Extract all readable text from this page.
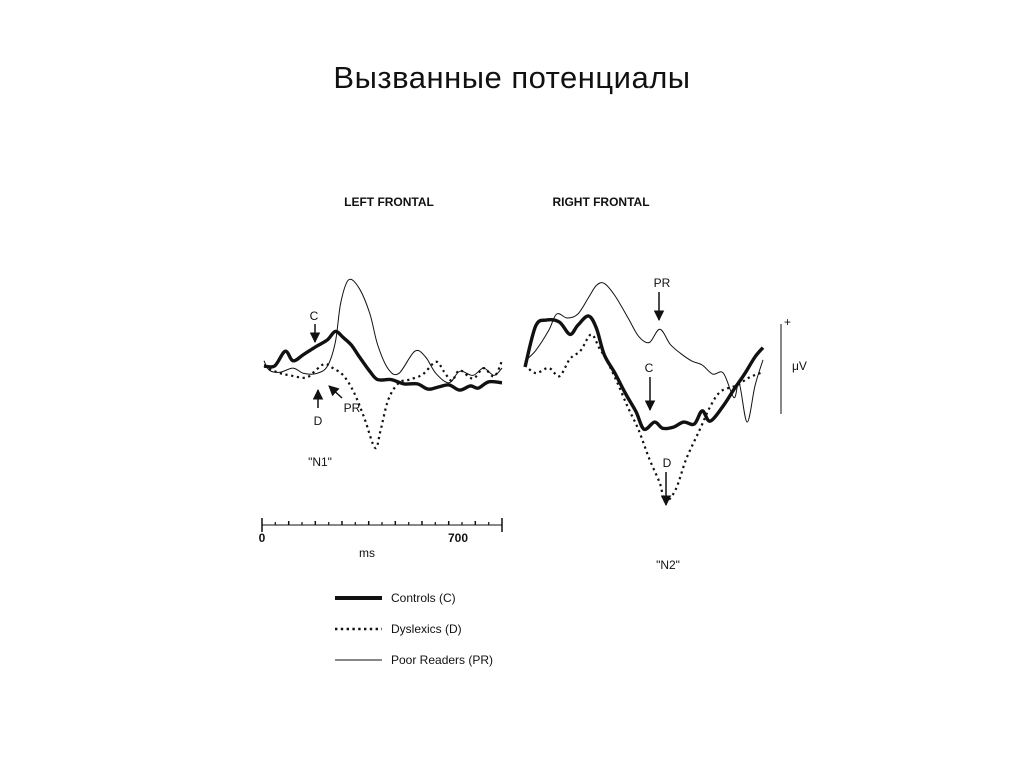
Вызванные потенциалы
LEFT FRONTAL	RIGHT FRONTAL
C
D
PR
"N1"
PR
C
D
"N2"
+
μV
0	700
ms
Controls (C)
Dyslexics (D)
Poor Readers (PR)
